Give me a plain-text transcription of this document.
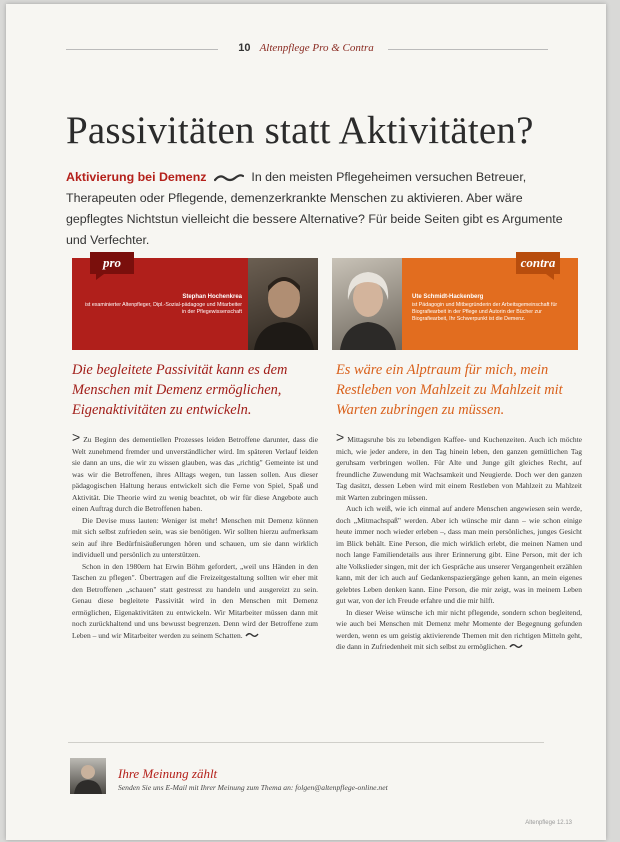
10 Altenpflege Pro & Contra
Passivitäten statt Aktivitäten?
Aktivierung bei Demenz	In den meisten Pflegeheimen versuchen Betreuer, Therapeuten oder Pflegende, demenzerkrankte Menschen zu aktivieren. Aber wäre gepflegtes Nichtstun vielleicht die bessere Alternative? Für beide Seiten gibt es Argumente und Verfechter.
pro
Stephan Hochenkrea
ist examinierter Altenpfleger, Dipl.-Sozial-pädagoge und Mitarbeiter in der Pflegewissenschaft
contra
Ute Schmidt-Hackenberg
ist Pädagogin und Mitbegründerin der Arbeitsgemeinschaft für Biografiearbeit in der Pflege und Autorin der Bücher zur Biografiearbeit, Ihr Schwerpunkt ist die Demenz.
Die begleitete Passivität kann es dem Menschen mit Demenz ermöglichen, Eigenaktivitäten zu entwickeln.
Es wäre ein Alptraum für mich, mein Restleben von Mahlzeit zu Mahlzeit mit Warten zubringen zu müssen.

> Zu Beginn des dementiellen Prozesses leiden Betroffene darunter, dass die Welt zunehmend fremder und unverständlicher wird. Im späteren Verlauf leiden sie dann an uns, die wir zu wissen glauben, was das „richtig" Gemeinte ist und was wir die Betroffenen, ihres Alltags wegen, tun lassen sollen. Aus dieser pädagogischen Haltung heraus entwickelt sich die Ferne von Spiel, Spaß und Aktivität. Die Theorie wird zu wenig beachtet, ob wir für diese Angebote auch einen Auftrag durch die Betroffenen haben.

Die Devise muss lauten: Weniger ist mehr! Menschen mit Demenz können mit sich selbst zufrieden sein, was sie benötigen. Wir sollten hierzu aufmerksam sein auf ihre Bedürfnisäußerungen hören und schauen, um sie dann wirklich individuell und persönlich zu unterstützen.

Schon in den 1980ern hat Erwin Böhm gefordert, „weil uns Händen in den Taschen zu pflegen". Übertragen auf die Freizeitgestaltung sollten wir eher mit den Betroffenen „schauen" statt gestresst zu handeln und ausgereizt zu sein. Genau diese begleitete Passivität wird in den Menschen mit Demenz ermöglichen, Eigenaktivitäten zu entwickeln. Wir Mitarbeiter müssen dann mit noch zurückhaltend und uns bewusst begrenzen. Denn wird der Betroffene zum Leben – und wir Mitarbeiter werden zu seinem Schatten.

> Mittagsruhe bis zu lebendigen Kaffee- und Kuchenzeiten. Auch ich möchte mich, wie jeder andere, in den Tag hinein leben, den ganzen gemütlichen Tag geruhsam verbringen wollen. Für Alte und Junge gilt gleiches Recht, auf freundliche Zuwendung mit Wachsamkeit und Neugierde. Doch wer den ganzen Tag dasitzt, dessen Leben wird mit einem Restleben von Mahlzeit zu Mahlzeit mit Warten zubringen müssen.

Auch ich weiß, wie ich einmal auf andere Menschen angewiesen sein werde, doch „Mitmachspaß" werden. Aber ich wünsche mir dann – wie schon einige heute immer noch wieder erleben –, dass man mein persönliches, junges Gesicht im Blick behält. Eine Person, die mich wirklich erlebt, die meinen Namen und noch lange Familiendetails aus ihrer Erinnerung gibt. Eine Person, mit der ich alte Volkslieder singen, mit der ich Gespräche aus unserer Vergangenheit erzählen kann, mit der ich auch auf Gedankenspaziergänge gehen kann, an mein eigenes gelebtes Leben denken kann. Eine Person, die mir zeigt, was in meinem Leben gut war, von der ich Freude erfahre und die mir hilft.

In dieser Weise wünsche ich mir nicht pflegende, sondern schon begleitend, wie auch bei Menschen mit Demenz mehr Momente der Begegnung gefunden werden, wenn es um geistig aktivierende Themen mit den richtigen Mitteln geht, die dann in Zufriedenheit mit sich selbst zu ermöglichen.

Ihre Meinung zählt
Senden Sie uns E-Mail mit Ihrer Meinung zum Thema an: folgen@altenpflege-online.net
Altenpflege 12.13
